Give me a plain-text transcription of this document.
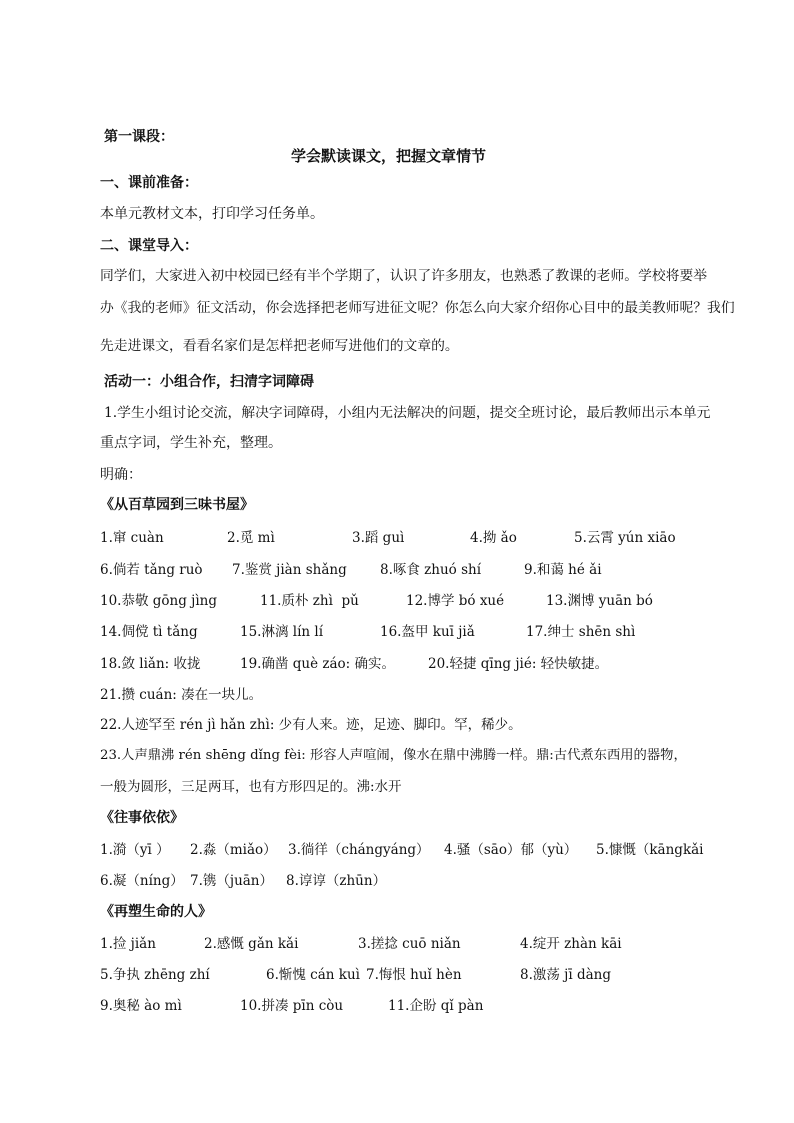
第一课段：
学会默读课文，把握文章情节
一、课前准备：
本单元教材文本，打印学习任务单。
二、课堂导入：
同学们，大家进入初中校园已经有半个学期了，认识了许多朋友，也熟悉了教课的老师。学校将要举
办《我的老师》征文活动，你会选择把老师写进征文呢？你怎么向大家介绍你心目中的最美教师呢？我们
先走进课文，看看名家们是怎样把老师写进他们的文章的。
活动一：小组合作，扫清字词障碍
1.学生小组讨论交流，解决字词障碍，小组内无法解决的问题，提交全班讨论，最后教师出示本单元
重点字词，学生补充，整理。
明确：
《从百草园到三味书屋》
1.窜 cuàn	2.觅 mì	3.蹈 guì	4.拗 ǎo	5.云霄 yún xiāo
6.倘若 tǎng ruò 7.鉴赏 jiàn shǎng 8.啄食 zhuó shí	9.和蔼 hé ǎi
10.恭敬 gōng jìng	11.质朴 zhì  pǔ	12.博学 bó xué	13.渊博 yuān bó
14.倜傥 tì tǎng	15.淋漓 lín lí	16.盔甲 kuī jiǎ	17.绅士 shēn shì
18.敛 liǎn: 收拢	19.确凿 què záo: 确实。 20.轻捷 qīng jié: 轻快敏捷。
21.攒 cuán: 凑在一块儿。
22.人迹罕至 rén jì hǎn zhì: 少有人来。迹，足迹、脚印。罕，稀少。
23.人声鼎沸 rén shēng dǐng fèi: 形容人声喧闹，像水在鼎中沸腾一样。鼎:古代煮东西用的器物，
一般为圆形，三足两耳，也有方形四足的。沸:水开
《往事依依》
1.漪（yī ） 2.淼（miǎo） 3.徜徉（chángyáng） 4.骚（sāo）郁（yù） 5.慷慨（kāngkǎi
6.凝（níng） 7.镌（juān） 8.谆谆（zhūn）
《再塑生命的人》
1.捡 jiǎn	2.感慨 gǎn kǎi	3.搓捻 cuō niǎn	4.绽开 zhàn kāi
5.争执 zhēng zhí	6.惭愧 cán kuì 7.悔恨 huǐ hèn	8.激荡 jī dàng
9.奥秘 ào mì	10.拼凑 pīn còu	11.企盼 qǐ pàn
